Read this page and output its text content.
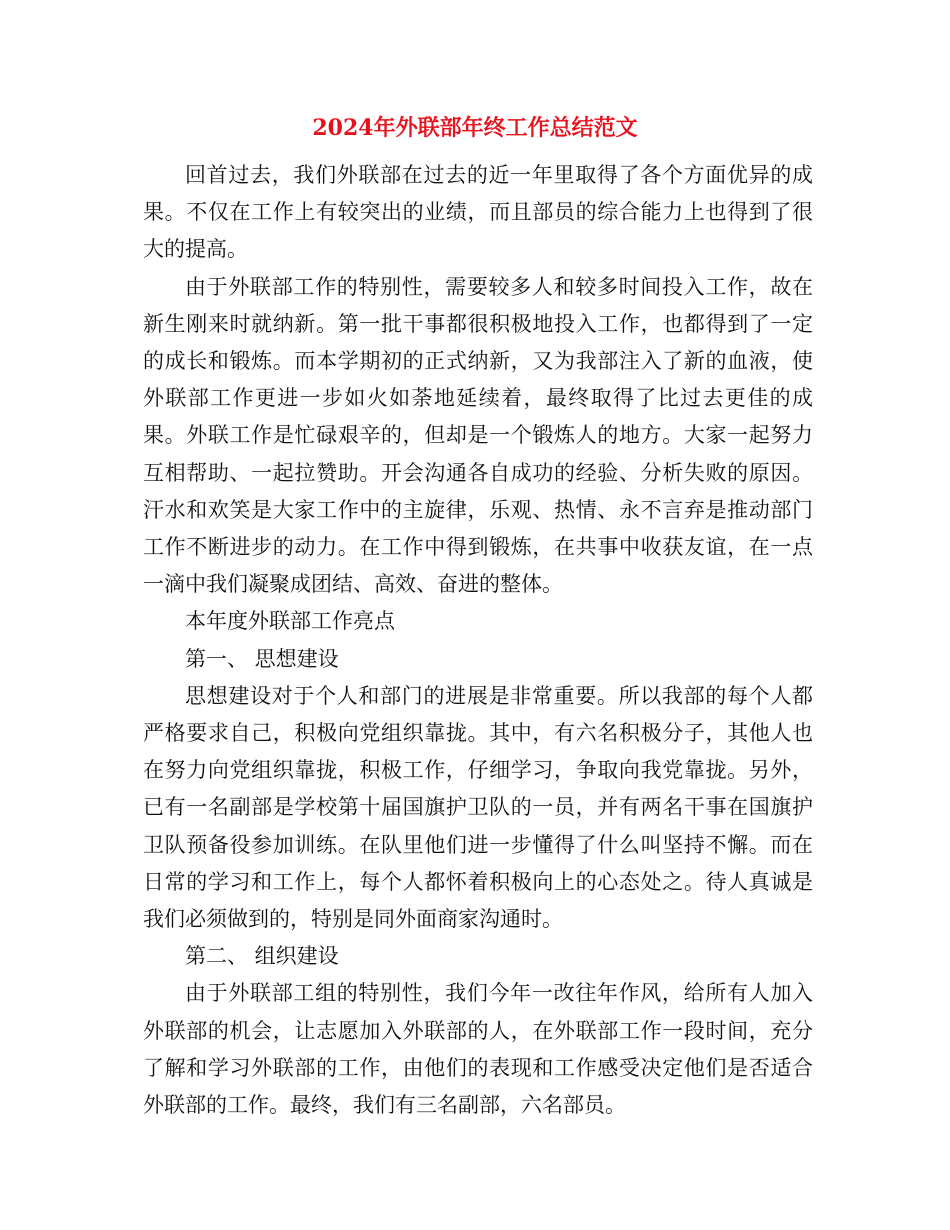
2024年外联部年终工作总结范文

回首过去，我们外联部在过去的近一年里取得了各个方面优异的成果。不仅在工作上有较突出的业绩，而且部员的综合能力上也得到了很大的提高。

由于外联部工作的特别性，需要较多人和较多时间投入工作，故在新生刚来时就纳新。第一批干事都很积极地投入工作，也都得到了一定的成长和锻炼。而本学期初的正式纳新，又为我部注入了新的血液，使外联部工作更进一步如火如荼地延续着，最终取得了比过去更佳的成果。外联工作是忙碌艰辛的，但却是一个锻炼人的地方。大家一起努力互相帮助、一起拉赞助。开会沟通各自成功的经验、分析失败的原因。汗水和欢笑是大家工作中的主旋律，乐观、热情、永不言弃是推动部门工作不断进步的动力。在工作中得到锻炼，在共事中收获友谊，在一点一滴中我们凝聚成团结、高效、奋进的整体。

本年度外联部工作亮点

第一、 思想建设

思想建设对于个人和部门的进展是非常重要。所以我部的每个人都严格要求自己，积极向党组织靠拢。其中，有六名积极分子，其他人也在努力向党组织靠拢，积极工作，仔细学习，争取向我党靠拢。另外，已有一名副部是学校第十届国旗护卫队的一员，并有两名干事在国旗护卫队预备役参加训练。在队里他们进一步懂得了什么叫坚持不懈。而在日常的学习和工作上，每个人都怀着积极向上的心态处之。待人真诚是我们必须做到的，特别是同外面商家沟通时。

第二、 组织建设

由于外联部工组的特别性，我们今年一改往年作风，给所有人加入外联部的机会，让志愿加入外联部的人，在外联部工作一段时间，充分了解和学习外联部的工作，由他们的表现和工作感受决定他们是否适合外联部的工作。最终，我们有三名副部，六名部员。
